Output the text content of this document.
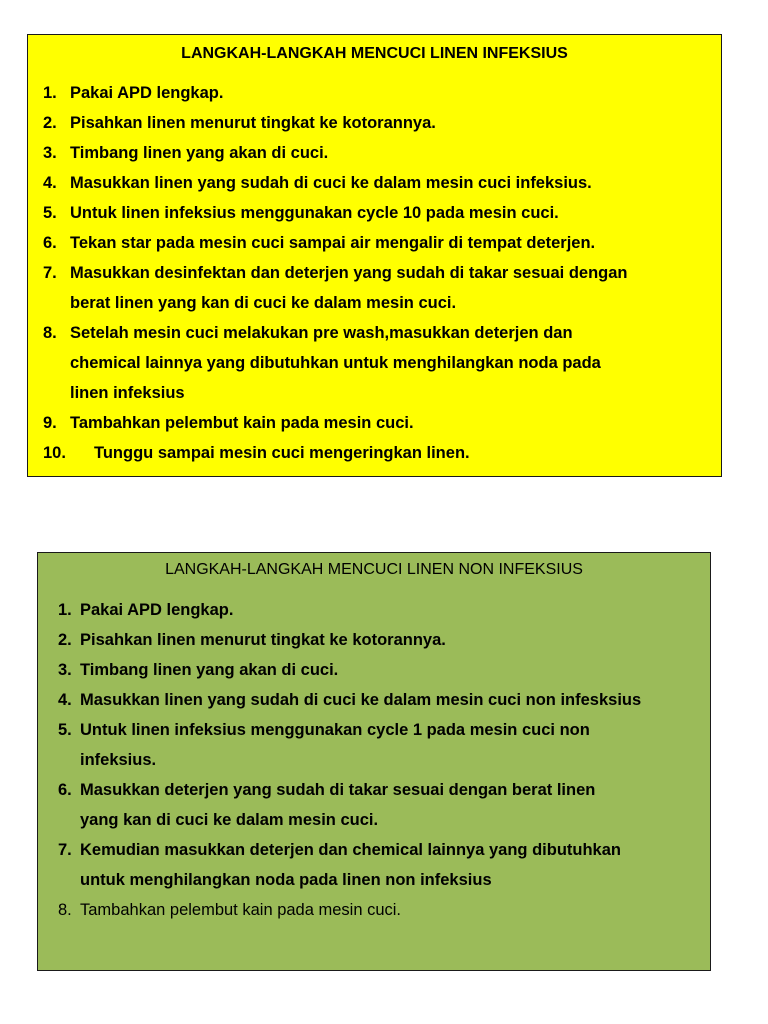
LANGKAH-LANGKAH MENCUCI LINEN INFEKSIUS
1. Pakai APD lengkap.
2. Pisahkan linen menurut tingkat ke kotorannya.
3. Timbang linen yang akan di cuci.
4. Masukkan linen yang sudah di cuci ke dalam mesin cuci infeksius.
5. Untuk linen infeksius menggunakan cycle 10 pada mesin cuci.
6. Tekan star pada mesin cuci sampai air mengalir di tempat deterjen.
7. Masukkan desinfektan dan deterjen yang sudah di takar sesuai dengan
berat linen yang kan di cuci ke dalam mesin cuci.
8. Setelah mesin cuci melakukan pre wash,masukkan deterjen dan
chemical lainnya yang dibutuhkan untuk menghilangkan noda pada
linen infeksius
9. Tambahkan pelembut kain pada mesin cuci.
10. Tunggu sampai mesin cuci mengeringkan linen.
LANGKAH-LANGKAH MENCUCI LINEN NON INFEKSIUS
1. Pakai APD lengkap.
2. Pisahkan linen menurut tingkat ke kotorannya.
3. Timbang linen yang akan di cuci.
4. Masukkan linen yang sudah di cuci ke dalam mesin cuci non infesksius
5. Untuk linen infeksius menggunakan cycle 1 pada mesin cuci non
infeksius.
6. Masukkan deterjen yang sudah di takar sesuai dengan berat linen
yang kan di cuci ke dalam mesin cuci.
7. Kemudian masukkan deterjen dan chemical lainnya yang dibutuhkan
untuk menghilangkan noda pada linen non infeksius
8. Tambahkan pelembut kain pada mesin cuci.
